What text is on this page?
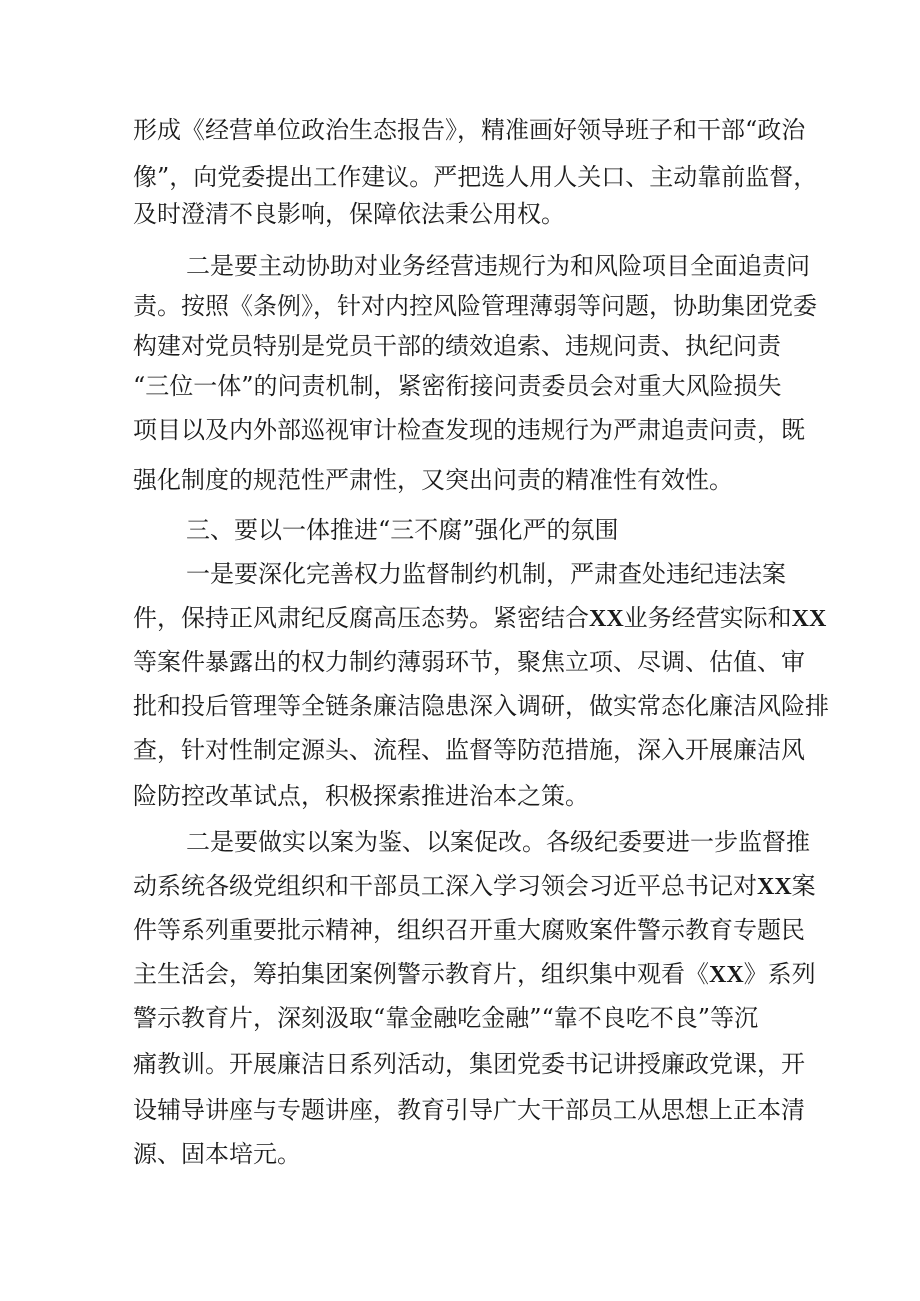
形成《经营单位政治生态报告》，精准画好领导班子和干部“政治
像”，向党委提出工作建议。严把选人用人关口、主动靠前监督，
及时澄清不良影响，保障依法秉公用权。
二是要主动协助对业务经营违规行为和风险项目全面追责问
责。按照《条例》，针对内控风险管理薄弱等问题，协助集团党委
构建对党员特别是党员干部的绩效追索、违规问责、执纪问责
“三位一体”的问责机制，紧密衔接问责委员会对重大风险损失
项目以及内外部巡视审计检查发现的违规行为严肃追责问责，既
强化制度的规范性严肃性，又突出问责的精准性有效性。
三、要以一体推进“三不腐”强化严的氛围
一是要深化完善权力监督制约机制，严肃查处违纪违法案
件，保持正风肃纪反腐高压态势。紧密结合XX业务经营实际和XX
等案件暴露出的权力制约薄弱环节，聚焦立项、尽调、估值、审
批和投后管理等全链条廉洁隐患深入调研，做实常态化廉洁风险排
查，针对性制定源头、流程、监督等防范措施，深入开展廉洁风
险防控改革试点，积极探索推进治本之策。
二是要做实以案为鉴、以案促改。各级纪委要进一步监督推
动系统各级党组织和干部员工深入学习领会习近平总书记对XX案
件等系列重要批示精神，组织召开重大腐败案件警示教育专题民
主生活会，筹拍集团案例警示教育片，组织集中观看《XX》系列
警示教育片，深刻汲取“靠金融吃金融”“靠不良吃不良”等沉
痛教训。开展廉洁日系列活动，集团党委书记讲授廉政党课，开
设辅导讲座与专题讲座，教育引导广大干部员工从思想上正本清
源、固本培元。
